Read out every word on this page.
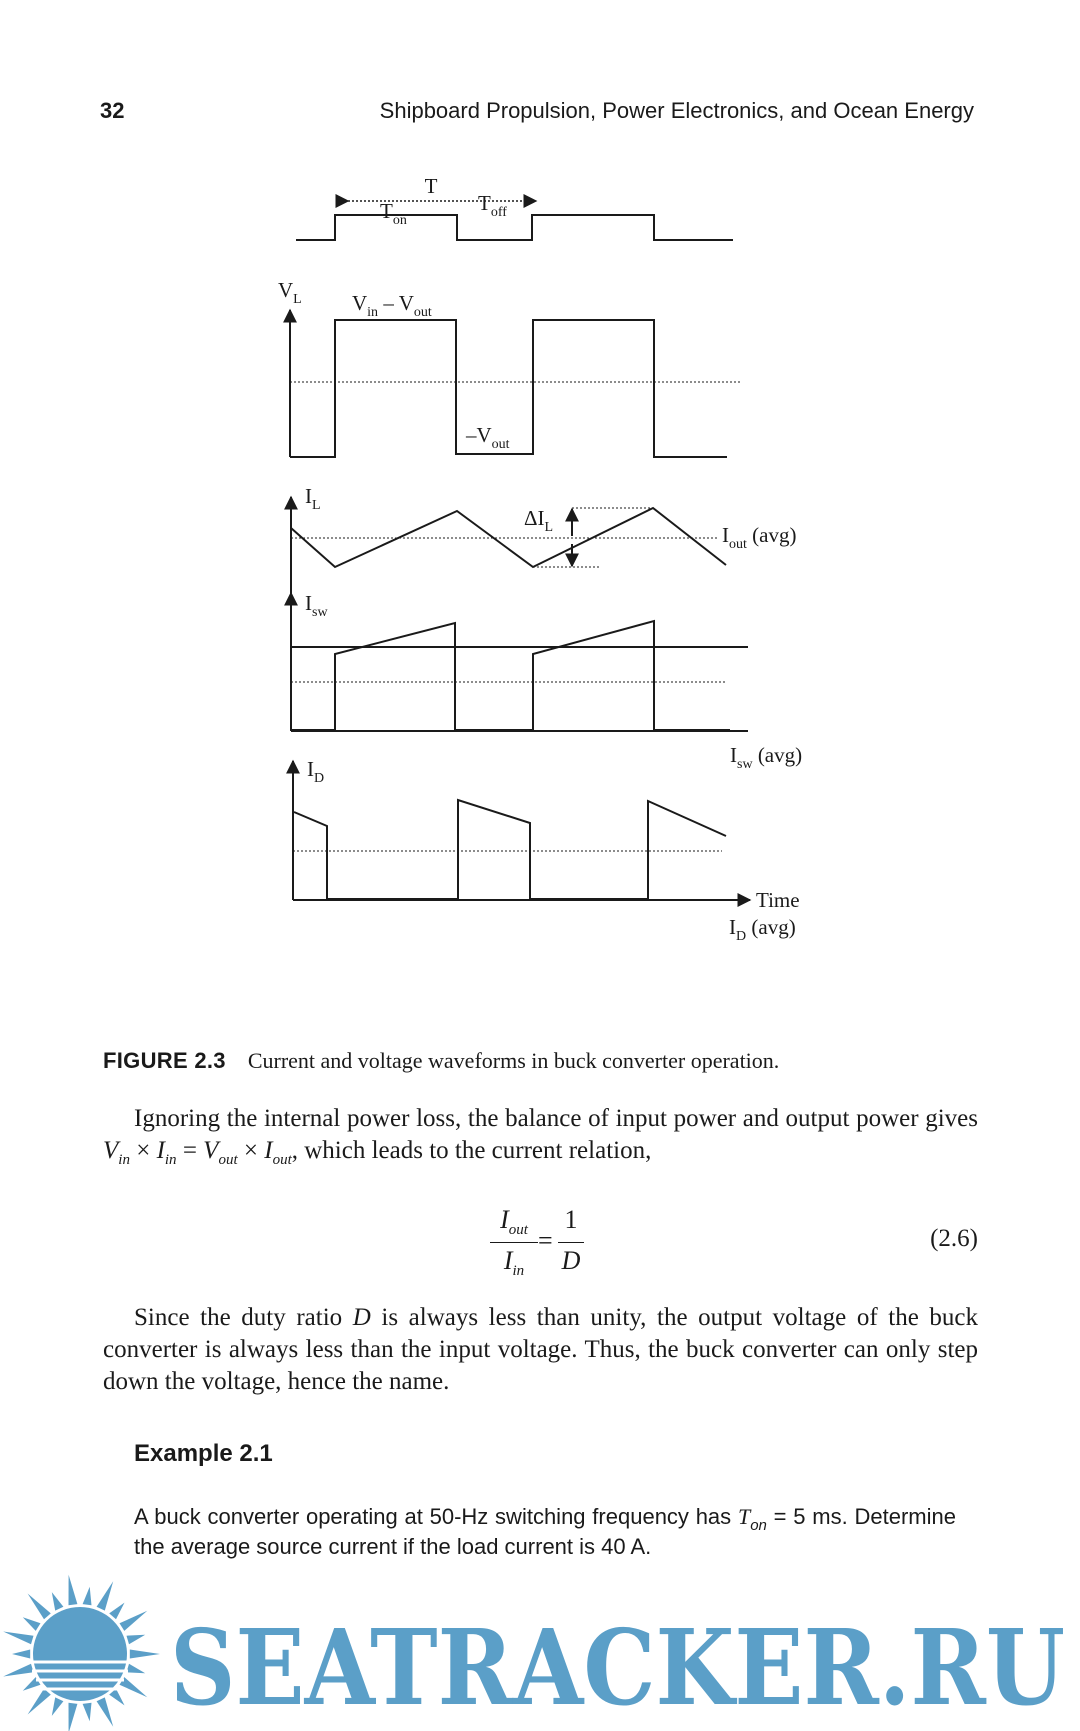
32	Shipboard Propulsion, Power Electronics, and Ocean Energy
T
$T_{on}$
$T_{off}$
$V_L$ $V_{in} - V_{out}$
$-V_{out}$
$I_L$
$\Delta I_L$	$I_{out}$ (avg)
$I_{sw}$
$I_{sw}$ (avg)
$I_D$
$I_D$ (avg)
Time
FIGURE 2.3 Current and voltage waveforms in buck converter operation.

Ignoring the internal power loss, the balance of input power and output power gives $V_{in} \times I_{in} = V_{out} \times I_{out}$, which leads to the current relation,

$I_{out}$
$I_{in}$
=
1
D
(2.6)

Since the duty ratio D is always less than unity, the output voltage of the buck converter is always less than the input voltage. Thus, the buck converter can only step down the voltage, hence the name.

Example 2.1

A buck converter operating at 50-Hz switching frequency has $T_{on} = 5$ ms. Determine the average source current if the load current is 40 A.

SEATRACKER.RU
